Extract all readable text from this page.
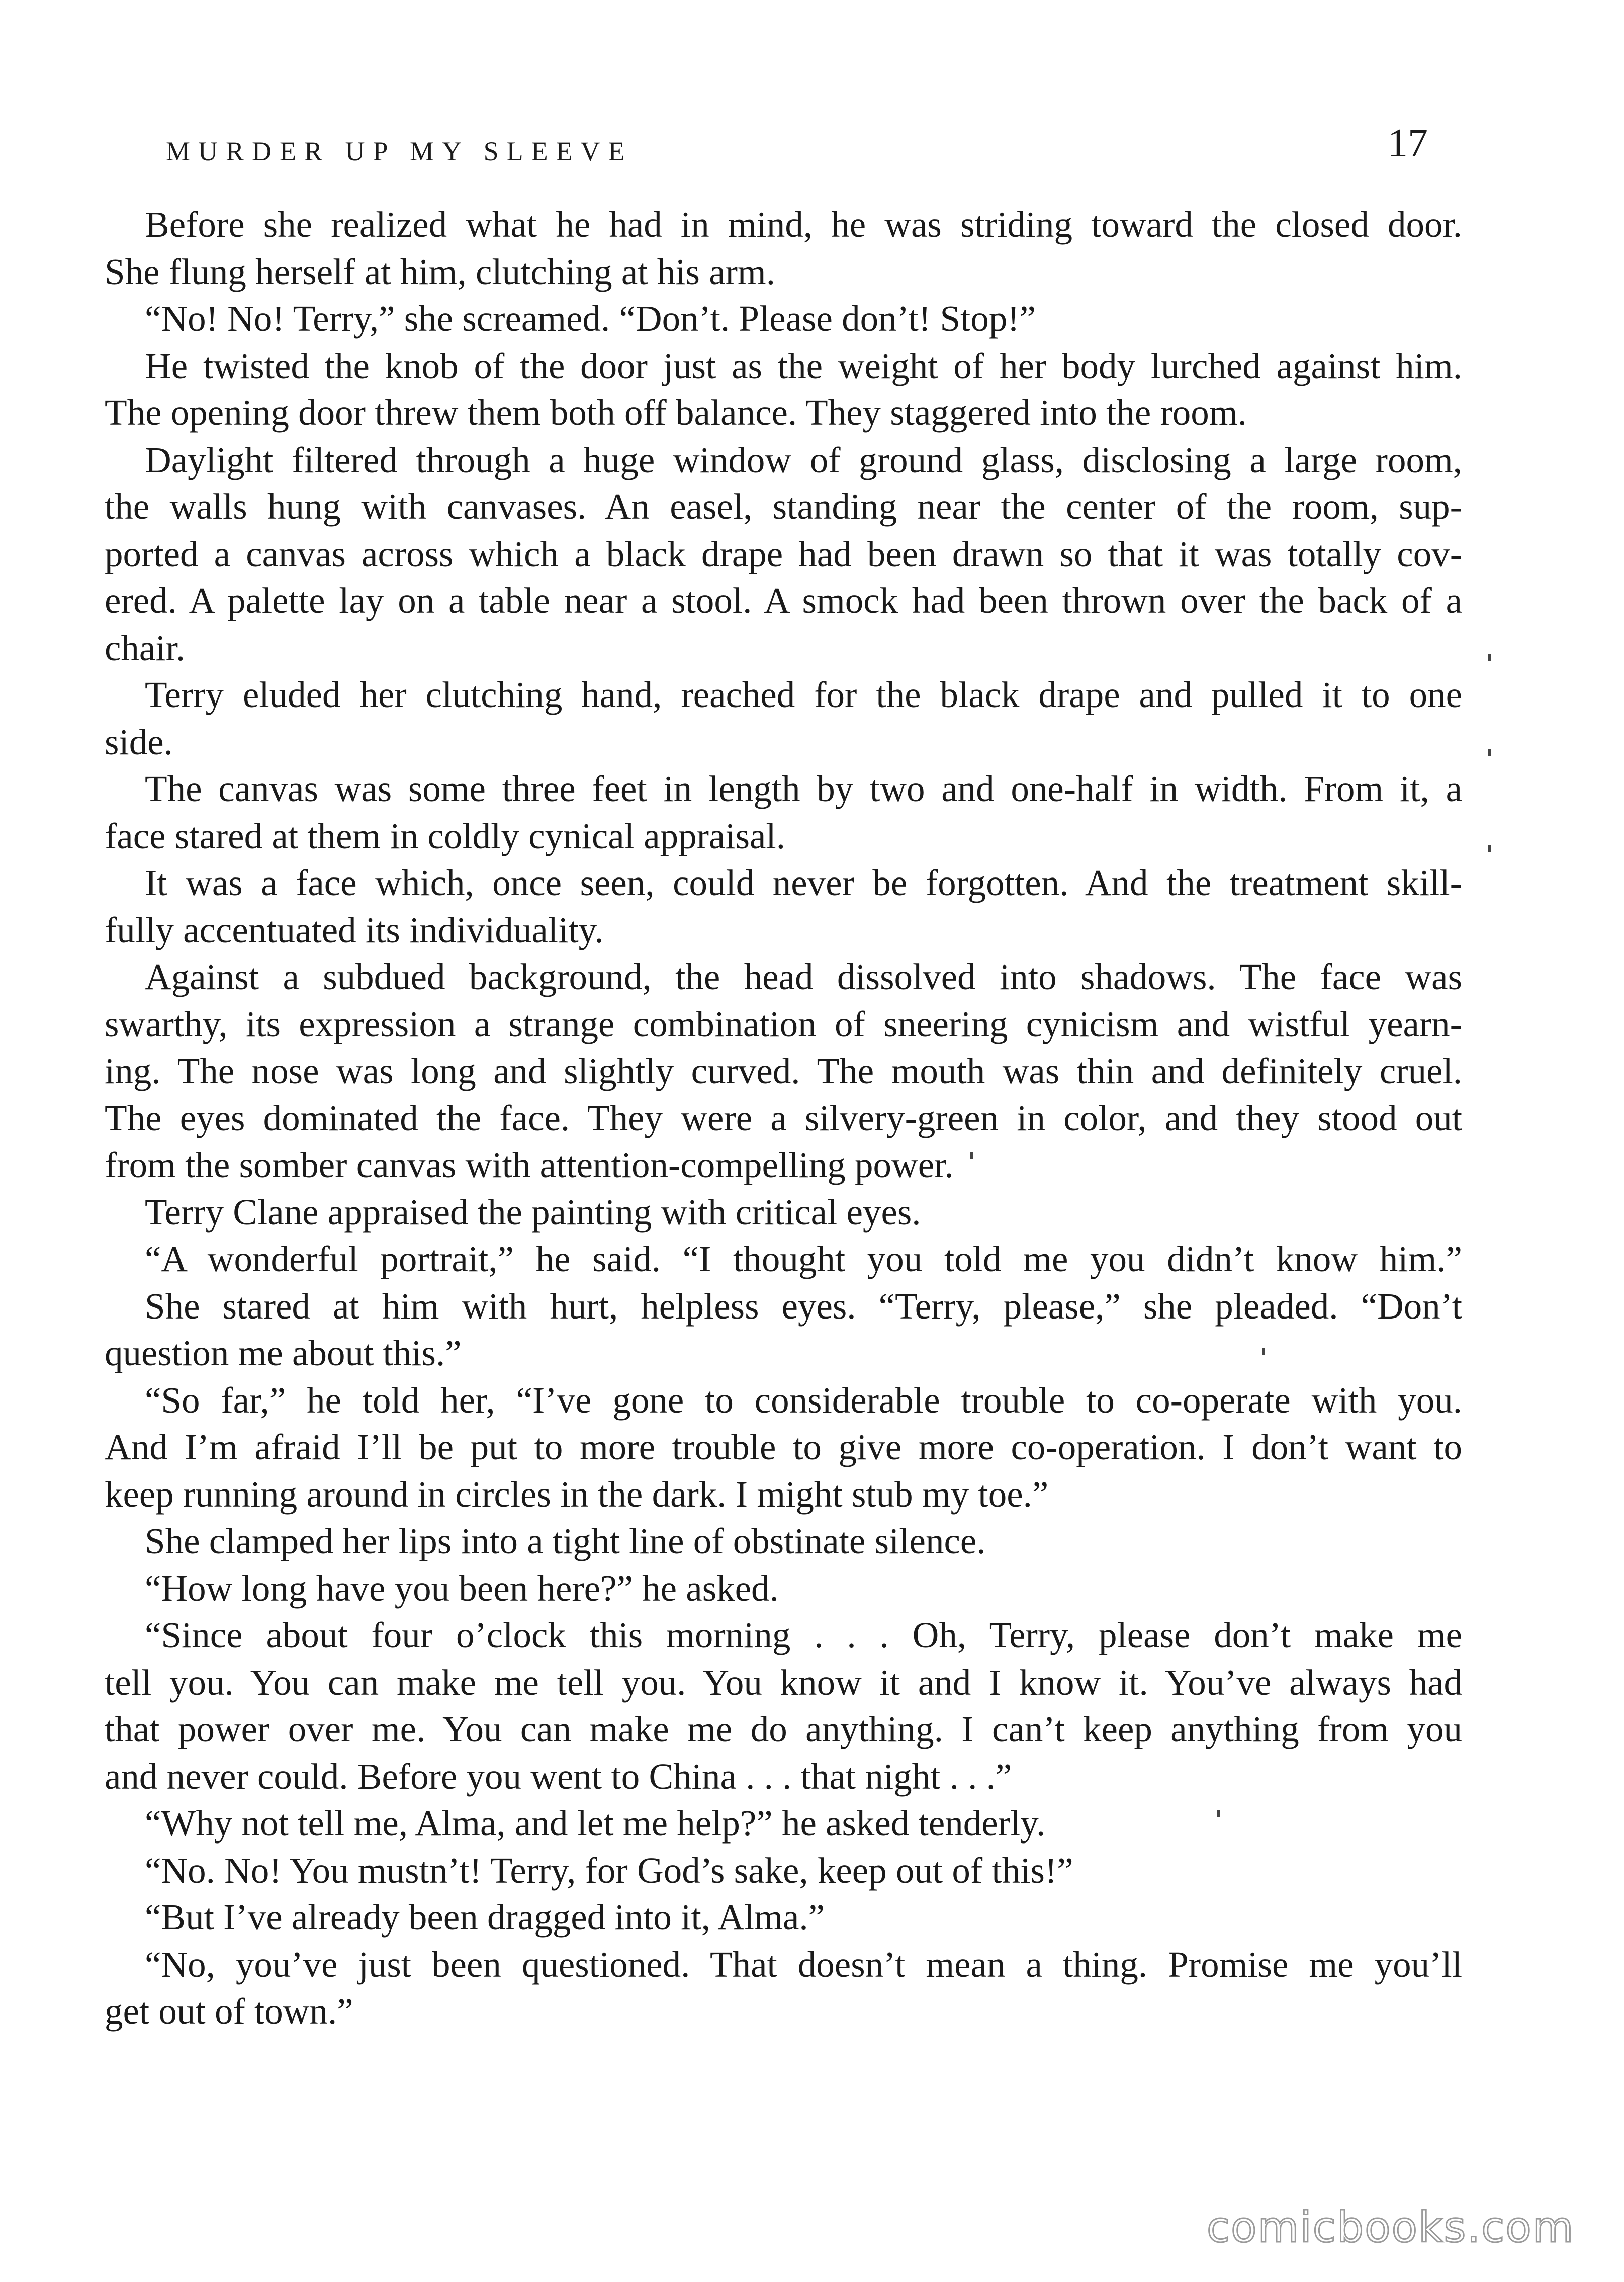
MURDER UP MY SLEEVE	17
Before she realized what he had in mind, he was striding toward the closed door.
She flung herself at him, clutching at his arm.
“No! No! Terry,” she screamed. “Don’t. Please don’t! Stop!”
He twisted the knob of the door just as the weight of her body lurched against him.
The opening door threw them both off balance. They staggered into the room.
Daylight filtered through a huge window of ground glass, disclosing a large room,
the walls hung with canvases. An easel, standing near the center of the room, sup-
ported a canvas across which a black drape had been drawn so that it was totally cov-
ered. A palette lay on a table near a stool. A smock had been thrown over the back of a
chair.
Terry eluded her clutching hand, reached for the black drape and pulled it to one
side.
The canvas was some three feet in length by two and one-half in width. From it, a
face stared at them in coldly cynical appraisal.
It was a face which, once seen, could never be forgotten. And the treatment skill-
fully accentuated its individuality.
Against a subdued background, the head dissolved into shadows. The face was
swarthy, its expression a strange combination of sneering cynicism and wistful yearn-
ing. The nose was long and slightly curved. The mouth was thin and definitely cruel.
The eyes dominated the face. They were a silvery-green in color, and they stood out
from the somber canvas with attention-compelling power.
Terry Clane appraised the painting with critical eyes.
“A wonderful portrait,” he said. “I thought you told me you didn’t know him.”
She stared at him with hurt, helpless eyes. “Terry, please,” she pleaded. “Don’t
question me about this.”
“So far,” he told her, “I’ve gone to considerable trouble to co-operate with you.
And I’m afraid I’ll be put to more trouble to give more co-operation. I don’t want to
keep running around in circles in the dark. I might stub my toe.”
She clamped her lips into a tight line of obstinate silence.
“How long have you been here?” he asked.
“Since about four o’clock this morning . . . Oh, Terry, please don’t make me
tell you. You can make me tell you. You know it and I know it. You’ve always had
that power over me. You can make me do anything. I can’t keep anything from you
and never could. Before you went to China . . . that night . . .”
“Why not tell me, Alma, and let me help?” he asked tenderly.
“No. No! You mustn’t! Terry, for God’s sake, keep out of this!”
“But I’ve already been dragged into it, Alma.”
“No, you’ve just been questioned. That doesn’t mean a thing. Promise me you’ll
get out of town.”
comicbooks.com
